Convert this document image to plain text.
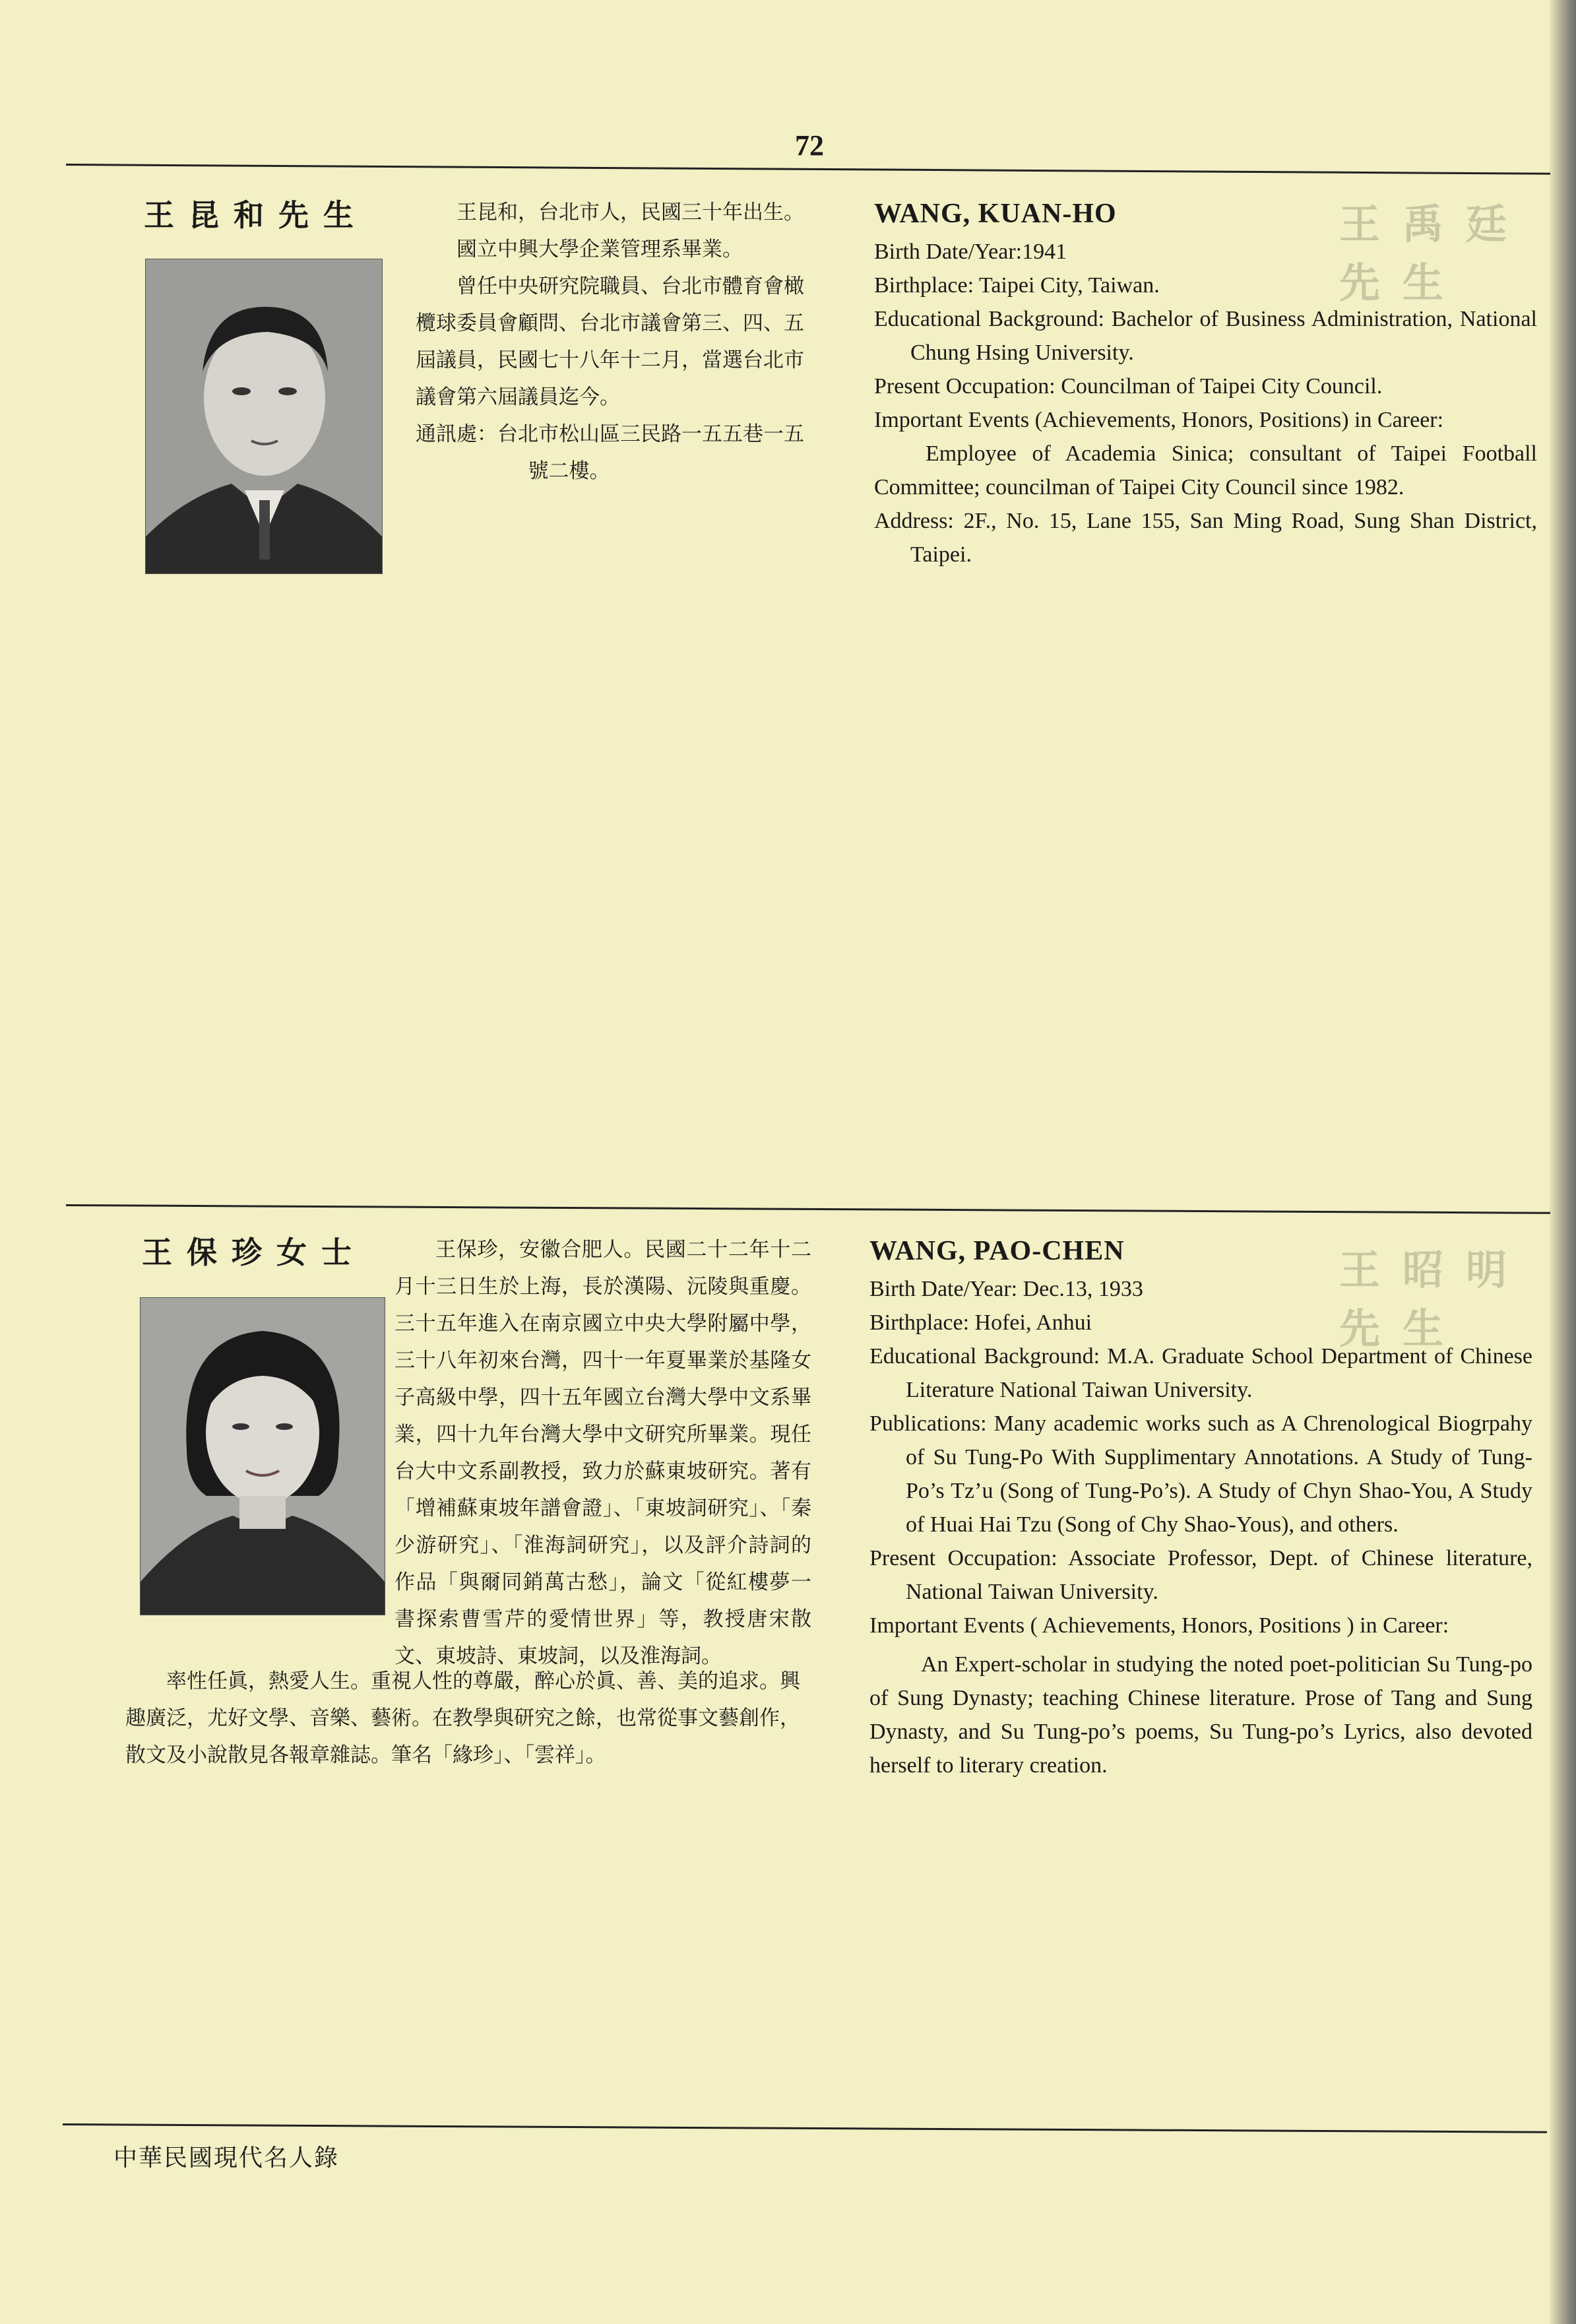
王禹廷先生
王昭明先生
72
王昆和先生	王昆和，台北市人，民國三十年出生。

國立中興大學企業管理系畢業。

曾任中央研究院職員、台北市體育會橄欖球委員會顧問、台北市議會第三、四、五屆議員，民國七十八年十二月，當選台北市議會第六屆議員迄今。

通訊處：台北市松山區三民路一五五巷一五號二樓。

WANG, KUAN-HO

Birth Date/Year:1941

Birthplace: Taipei City, Taiwan.

Educational Background: Bachelor of Business Administration, National Chung Hsing University.

Present Occupation: Councilman of Taipei City Council.

Important Events (Achievements, Honors, Positions) in Career:

Employee of Academia Sinica; consultant of Taipei Football Committee; councilman of Taipei City Council since 1982.

Address: 2F., No. 15, Lane 155, San Ming Road, Sung Shan District, Taipei.

王保珍女士	王保珍，安徽合肥人。民國二十二年十二月十三日生於上海，長於漢陽、沅陵與重慶。三十五年進入在南京國立中央大學附屬中學，三十八年初來台灣，四十一年夏畢業於基隆女子高級中學，四十五年國立台灣大學中文系畢業，四十九年台灣大學中文研究所畢業。現任台大中文系副教授，致力於蘇東坡研究。著有「增補蘇東坡年譜會證」、「東坡詞研究」、「秦少游研究」、「淮海詞研究」，以及評介詩詞的作品「與爾同銷萬古愁」，論文「從紅樓夢一書探索曹雪芹的愛情世界」等，教授唐宋散文、東坡詩、東坡詞，以及淮海詞。

率性任眞，熱愛人生。重視人性的尊嚴，醉心於眞、善、美的追求。興趣廣泛，尤好文學、音樂、藝術。在教學與研究之餘，也常從事文藝創作，散文及小說散見各報章雜誌。筆名「緣珍」、「雲祥」。

WANG, PAO-CHEN

Birth Date/Year: Dec.13, 1933

Birthplace: Hofei, Anhui

Educational Background: M.A. Graduate School Department of Chinese Literature National Taiwan University.

Publications: Many academic works such as A Chrenological Biogrpahy of Su Tung-Po With Supplimentary Annotations. A Study of Tung-Po’s Tz’u (Song of Tung-Po’s). A Study of Chyn Shao-You, A Study of Huai Hai Tzu (Song of Chy Shao-Yous), and others.

Present Occupation: Associate Professor, Dept. of Chinese literature, National Taiwan University.

Important Events ( Achievements, Honors, Positions ) in Career:

An Expert-scholar in studying the noted poet-politician Su Tung-po of Sung Dynasty; teaching Chinese literature. Prose of Tang and Sung Dynasty, and Su Tung-po’s poems, Su Tung-po’s Lyrics, also devoted herself to literary creation.

中華民國現代名人錄
